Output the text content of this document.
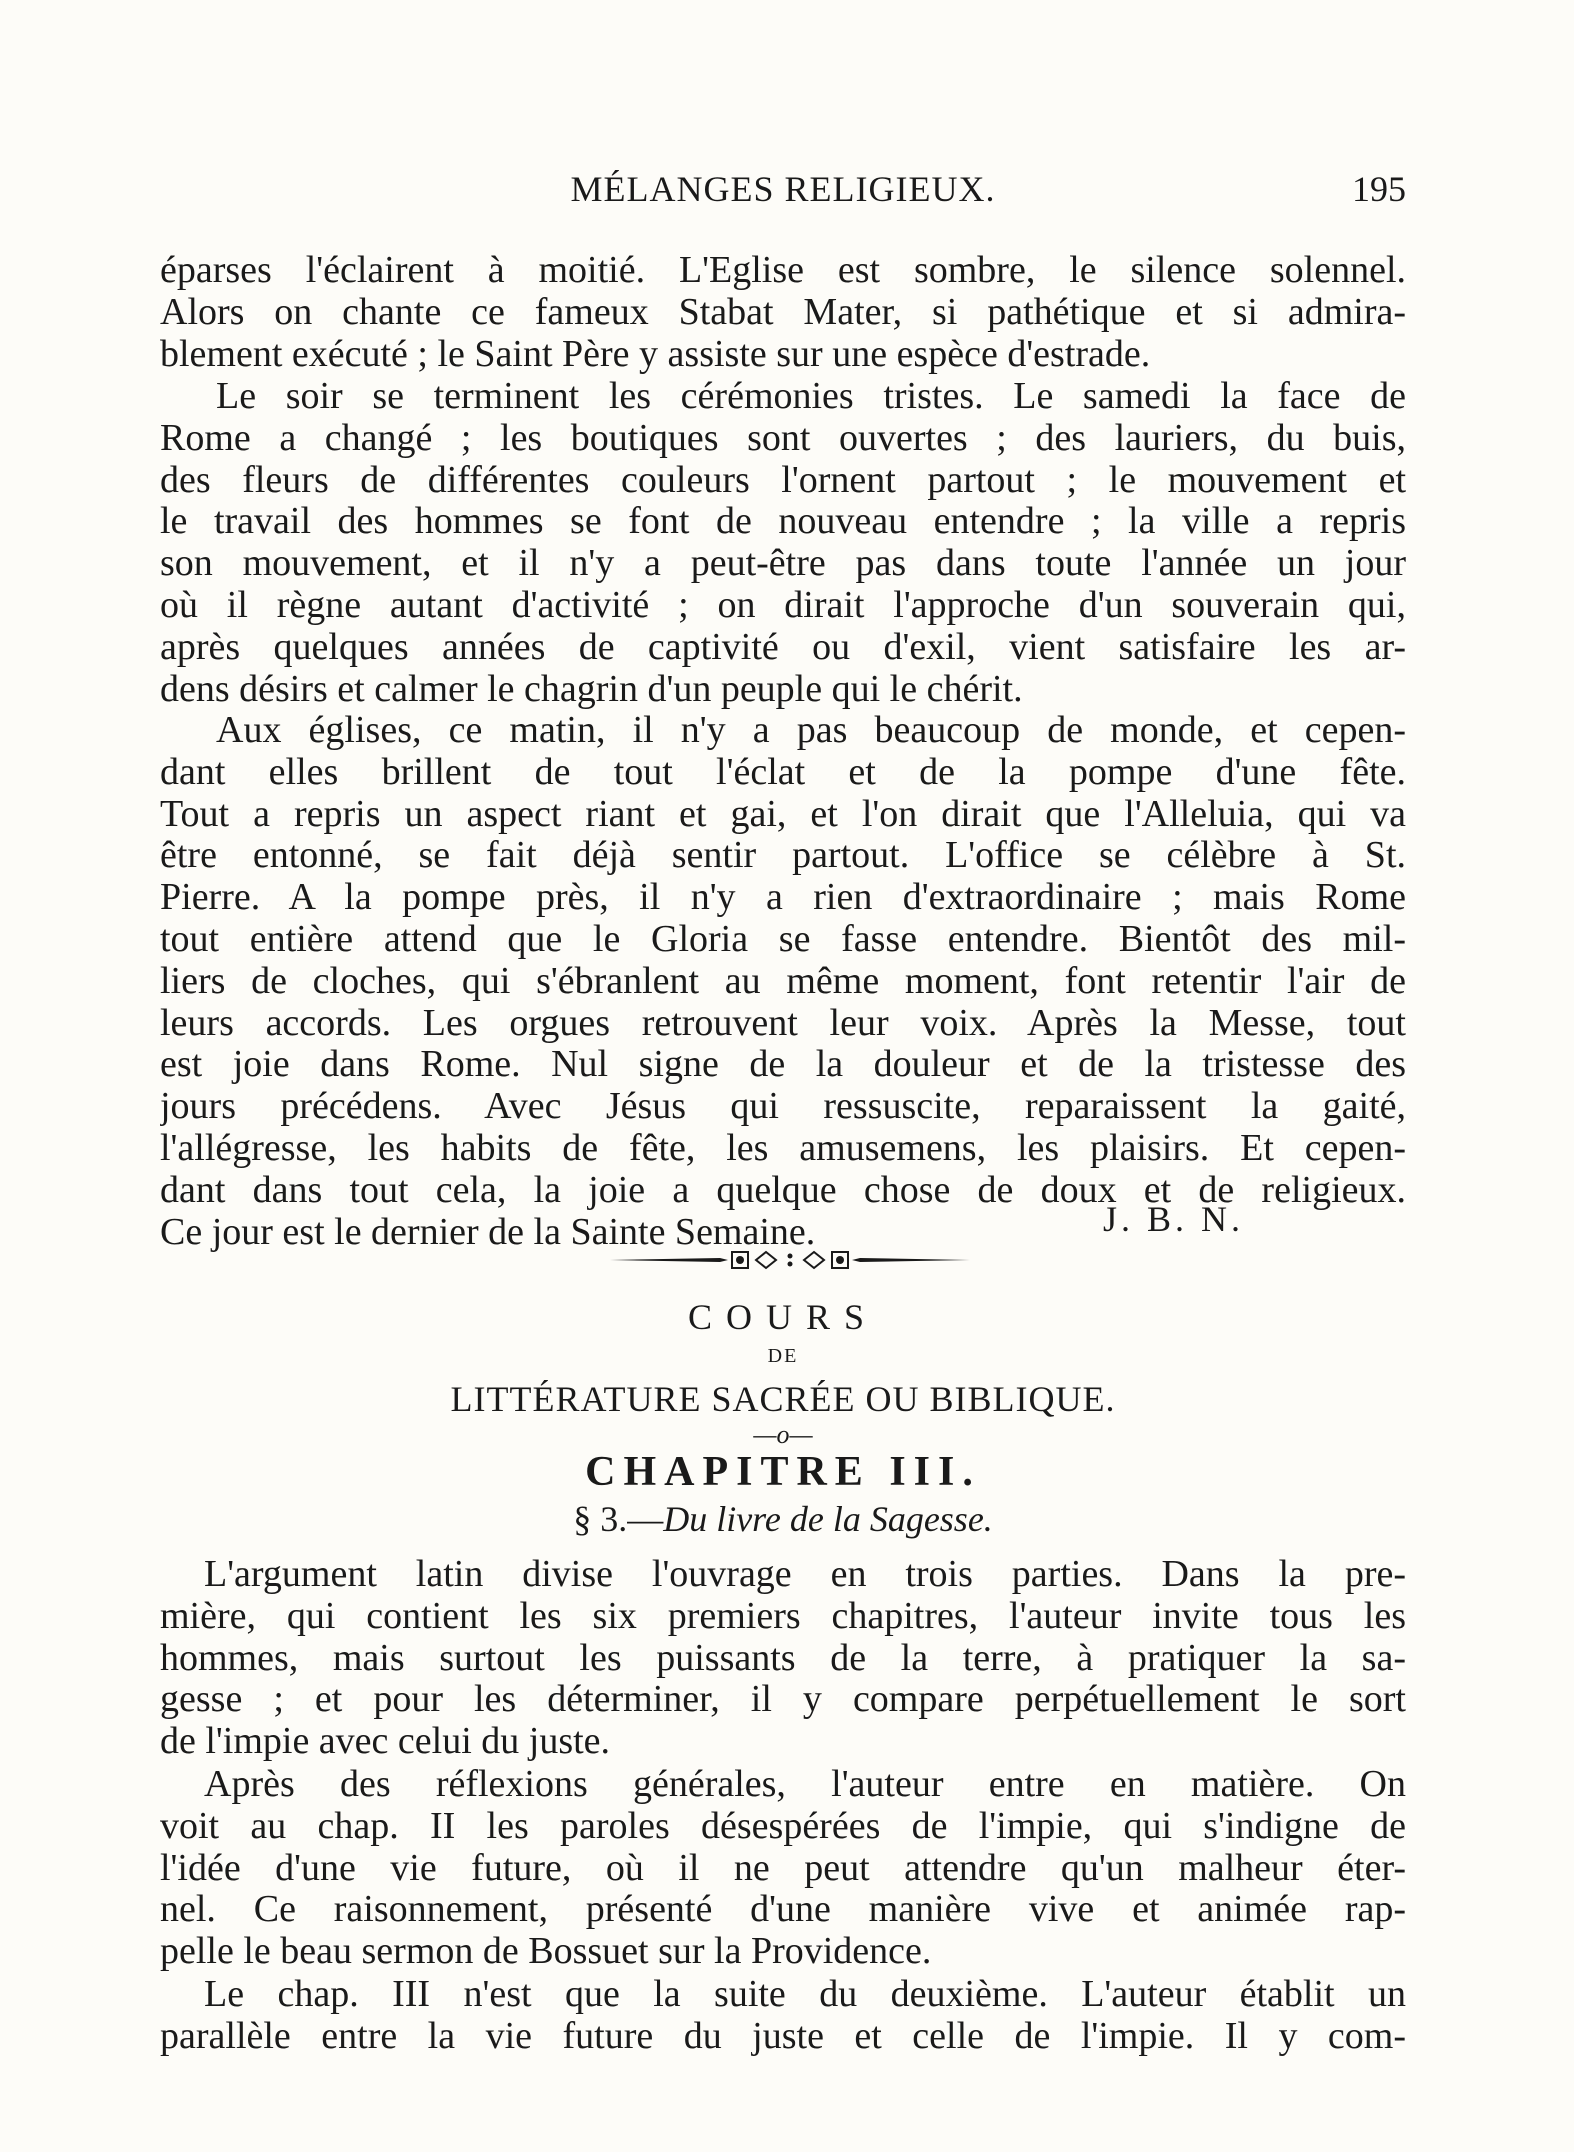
MÉLANGES RELIGIEUX.	195
éparses l'éclairent à moitié. L'Eglise est sombre, le silence solennel.
Alors on chante ce fameux Stabat Mater, si pathétique et si admira-
blement exécuté ; le Saint Père y assiste sur une espèce d'estrade.
Le soir se terminent les cérémonies tristes. Le samedi la face de
Rome a changé ; les boutiques sont ouvertes ; des lauriers, du buis,
des fleurs de différentes couleurs l'ornent partout ; le mouvement et
le travail des hommes se font de nouveau entendre ; la ville a repris
son mouvement, et il n'y a peut-être pas dans toute l'année un jour
où il règne autant d'activité ; on dirait l'approche d'un souverain qui,
après quelques années de captivité ou d'exil, vient satisfaire les ar-
dens désirs et calmer le chagrin d'un peuple qui le chérit.
Aux églises, ce matin, il n'y a pas beaucoup de monde, et cepen-
dant elles brillent de tout l'éclat et de la pompe d'une fête.
Tout a repris un aspect riant et gai, et l'on dirait que l'Alleluia, qui va
être entonné, se fait déjà sentir partout. L'office se célèbre à St.
Pierre. A la pompe près, il n'y a rien d'extraordinaire ; mais Rome
tout entière attend que le Gloria se fasse entendre. Bientôt des mil-
liers de cloches, qui s'ébranlent au même moment, font retentir l'air de
leurs accords. Les orgues retrouvent leur voix. Après la Messe, tout
est joie dans Rome. Nul signe de la douleur et de la tristesse des
jours précédens. Avec Jésus qui ressuscite, reparaissent la gaité,
l'allégresse, les habits de fête, les amusemens, les plaisirs. Et cepen-
dant dans tout cela, la joie a quelque chose de doux et de religieux.
Ce jour est le dernier de la Sainte Semaine.	J. B. N.
COURS
DE
LITTÉRATURE SACRÉE OU BIBLIQUE.
—o—
CHAPITRE III.
§ 3.—Du livre de la Sagesse.
L'argument latin divise l'ouvrage en trois parties. Dans la pre-
mière, qui contient les six premiers chapitres, l'auteur invite tous les
hommes, mais surtout les puissants de la terre, à pratiquer la sa-
gesse ; et pour les déterminer, il y compare perpétuellement le sort
de l'impie avec celui du juste.
Après des réflexions générales, l'auteur entre en matière. On
voit au chap. II les paroles désespérées de l'impie, qui s'indigne de
l'idée d'une vie future, où il ne peut attendre qu'un malheur éter-
nel. Ce raisonnement, présenté d'une manière vive et animée rap-
pelle le beau sermon de Bossuet sur la Providence.
Le chap. III n'est que la suite du deuxième. L'auteur établit un
parallèle entre la vie future du juste et celle de l'impie. Il y com-
